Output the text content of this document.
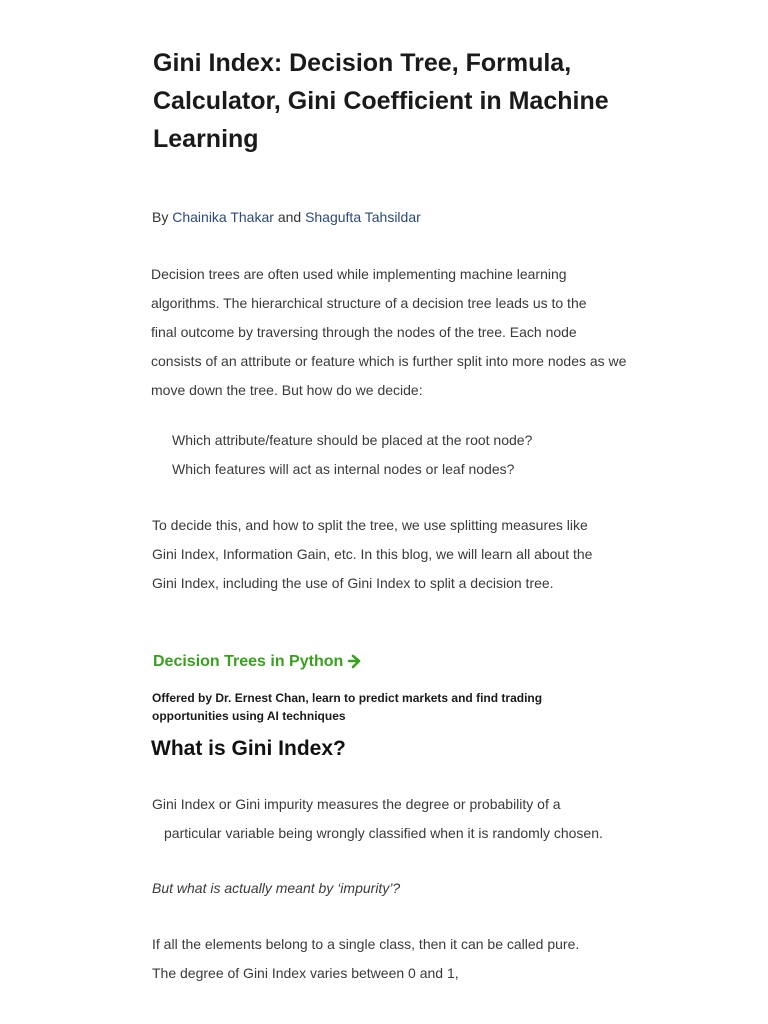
Gini Index: Decision Tree, Formula, Calculator, Gini Coefficient in Machine Learning
By Chainika Thakar and Shagufta Tahsildar

Decision trees are often used while implementing machine learning
algorithms. The hierarchical structure of a decision tree leads us to the
final outcome by traversing through the nodes of the tree. Each node
consists of an attribute or feature which is further split into more nodes as we
move down the tree. But how do we decide:

Which attribute/feature should be placed at the root node?
Which features will act as internal nodes or leaf nodes?

To decide this, and how to split the tree, we use splitting measures like
Gini Index, Information Gain, etc. In this blog, we will learn all about the
Gini Index, including the use of Gini Index to split a decision tree.

Decision Trees in Python

Offered by Dr. Ernest Chan, learn to predict markets and find trading opportunities using AI techniques

What is Gini Index?

Gini Index or Gini impurity measures the degree or probability of a
particular variable being wrongly classified when it is randomly chosen.

But what is actually meant by ‘impurity’?

If all the elements belong to a single class, then it can be called pure.
The degree of Gini Index varies between 0 and 1,
